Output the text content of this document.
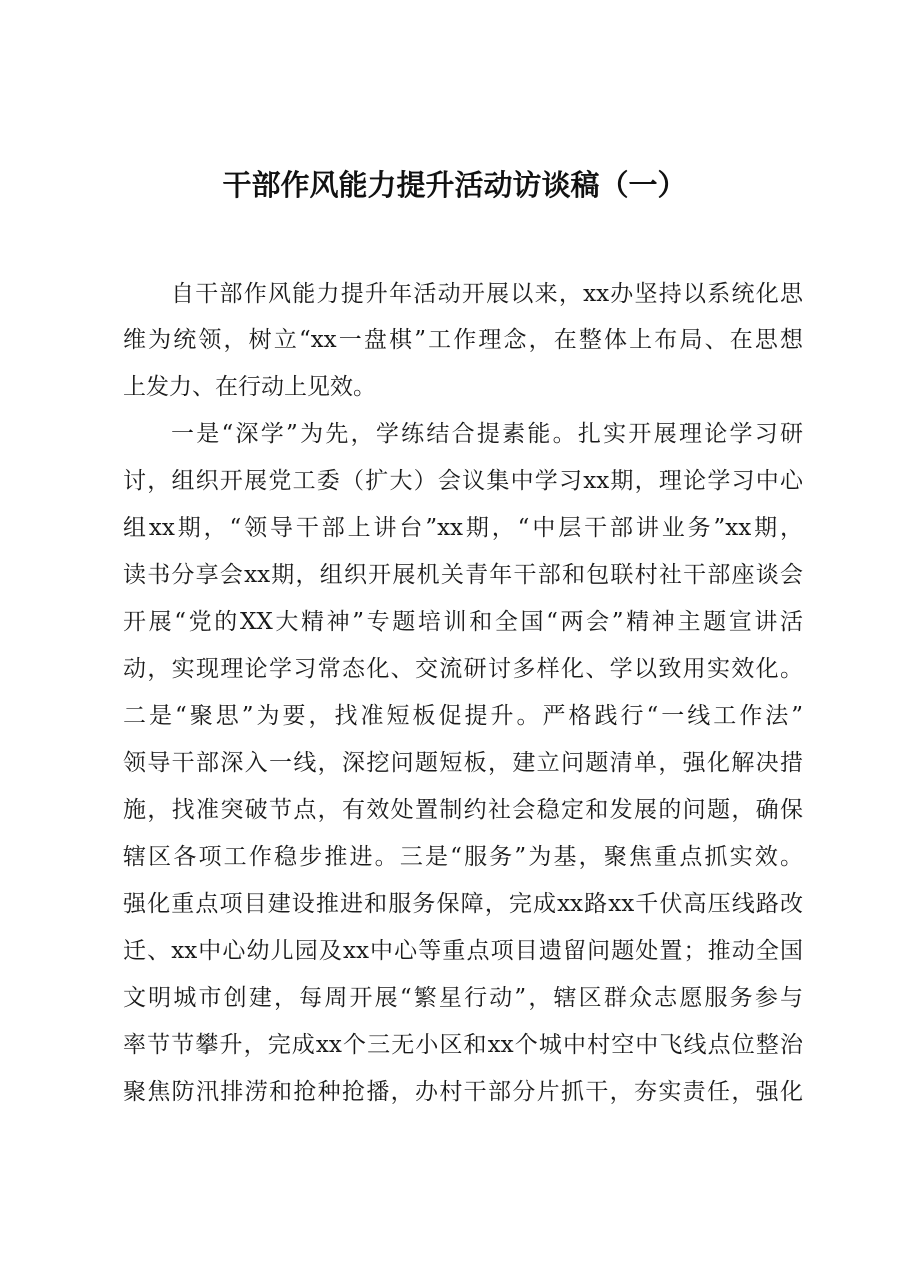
干部作风能力提升活动访谈稿（一）
自干部作风能力提升年活动开展以来，xx办坚持以系统化思
维为统领，树立“xx一盘棋”工作理念，在整体上布局、在思想
上发力、在行动上见效。
一是“深学”为先，学练结合提素能。扎实开展理论学习研
讨，组织开展党工委（扩大）会议集中学习xx期，理论学习中心
组xx期，“领导干部上讲台”xx期，“中层干部讲业务”xx期，
读书分享会xx期，组织开展机关青年干部和包联村社干部座谈会
开展“党的XX大精神”专题培训和全国“两会”精神主题宣讲活
动，实现理论学习常态化、交流研讨多样化、学以致用实效化。
二是“聚思”为要，找准短板促提升。严格践行“一线工作法”
领导干部深入一线，深挖问题短板，建立问题清单，强化解决措
施，找准突破节点，有效处置制约社会稳定和发展的问题，确保
辖区各项工作稳步推进。三是“服务”为基，聚焦重点抓实效。
强化重点项目建设推进和服务保障，完成xx路xx千伏高压线路改
迁、xx中心幼儿园及xx中心等重点项目遗留问题处置；推动全国
文明城市创建，每周开展“繁星行动”，辖区群众志愿服务参与
率节节攀升，完成xx个三无小区和xx个城中村空中飞线点位整治
聚焦防汛排涝和抢种抢播，办村干部分片抓干，夯实责任，强化
